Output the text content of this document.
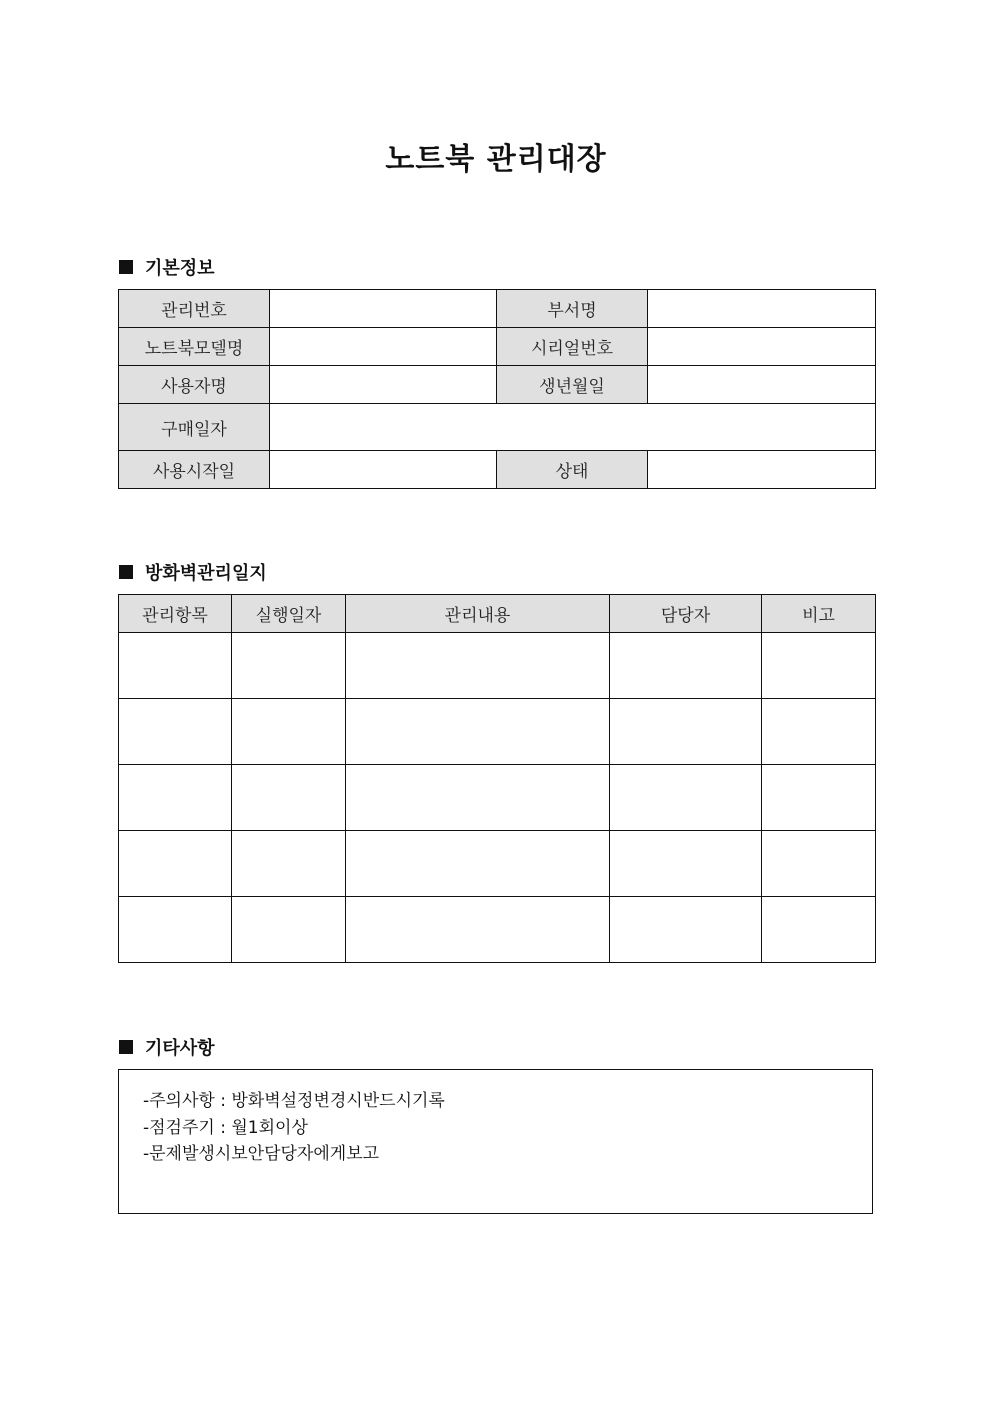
노트북 관리대장
기본정보
관리번호		부서명	
노트북모델명		시리얼번호	
사용자명		생년월일	
구매일자			
사용시작일		상태	
방화벽관리일지
관리항목	실행일자	관리내용	담당자	비고

기타사항
-주의사항 : 방화벽설정변경시반드시기록
-점검주기 : 월1회이상
-문제발생시보안담당자에게보고
